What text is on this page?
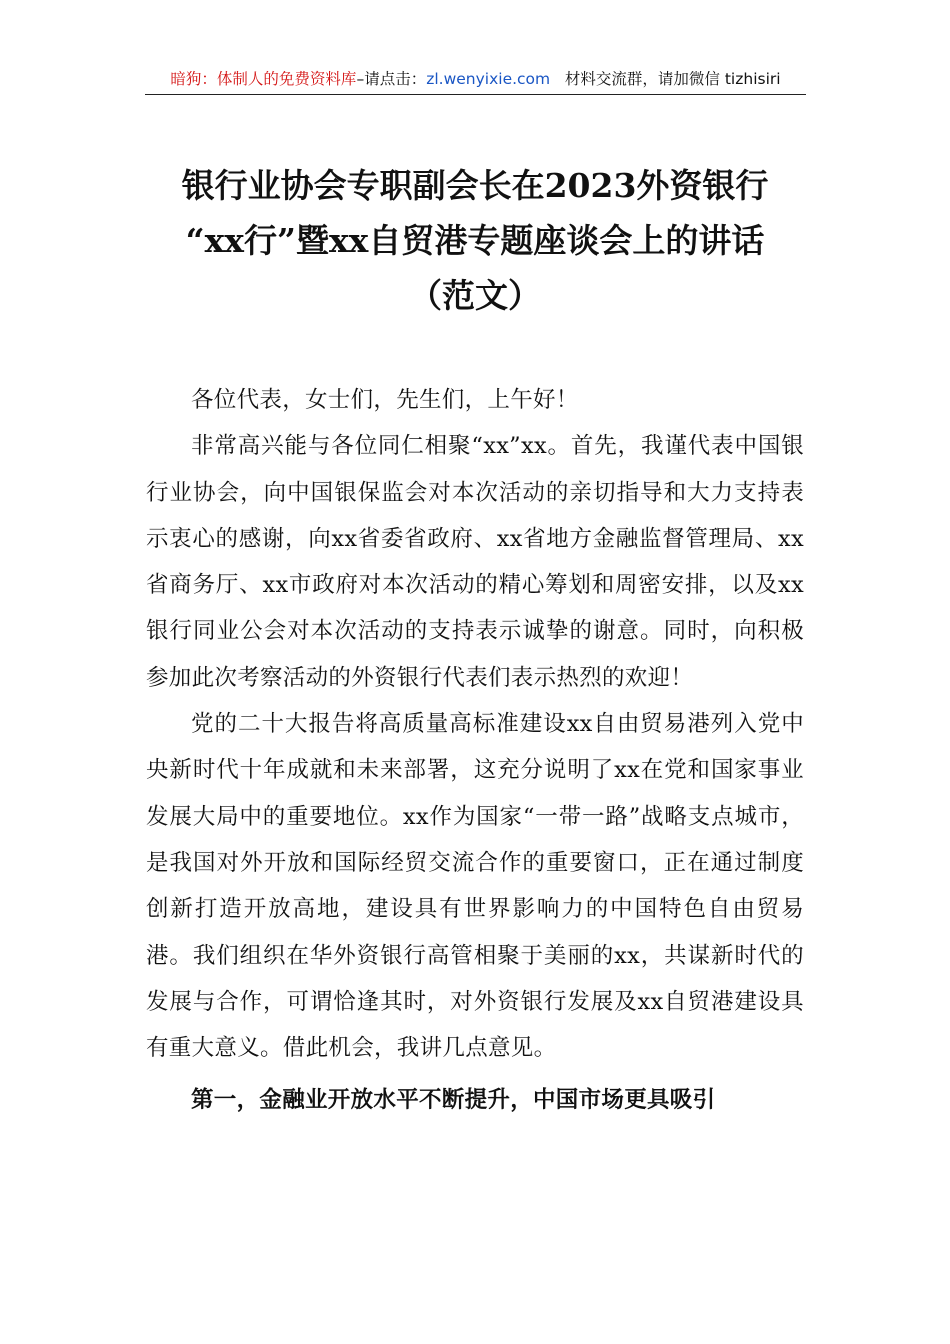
暗狗：体制人的免费资料库–请点击：zl.wenyixie.com 材料交流群，请加微信 tizhisiri
银行业协会专职副会长在2023外资银行
“xx行”暨xx自贸港专题座谈会上的讲话
（范文）

各位代表，女士们，先生们，上午好！

非常高兴能与各位同仁相聚“xx”xx。首先，我谨代表中国银行业协会，向中国银保监会对本次活动的亲切指导和大力支持表示衷心的感谢，向xx省委省政府、xx省地方金融监督管理局、xx省商务厅、xx市政府对本次活动的精心筹划和周密安排，以及xx银行同业公会对本次活动的支持表示诚挚的谢意。同时，向积极参加此次考察活动的外资银行代表们表示热烈的欢迎！

党的二十大报告将高质量高标准建设xx自由贸易港列入党中央新时代十年成就和未来部署，这充分说明了xx在党和国家事业发展大局中的重要地位。xx作为国家“一带一路”战略支点城市，是我国对外开放和国际经贸交流合作的重要窗口，正在通过制度创新打造开放高地，建设具有世界影响力的中国特色自由贸易港。我们组织在华外资银行高管相聚于美丽的xx，共谋新时代的发展与合作，可谓恰逢其时，对外资银行发展及xx自贸港建设具有重大意义。借此机会，我讲几点意见。

第一，金融业开放水平不断提升，中国市场更具吸引
